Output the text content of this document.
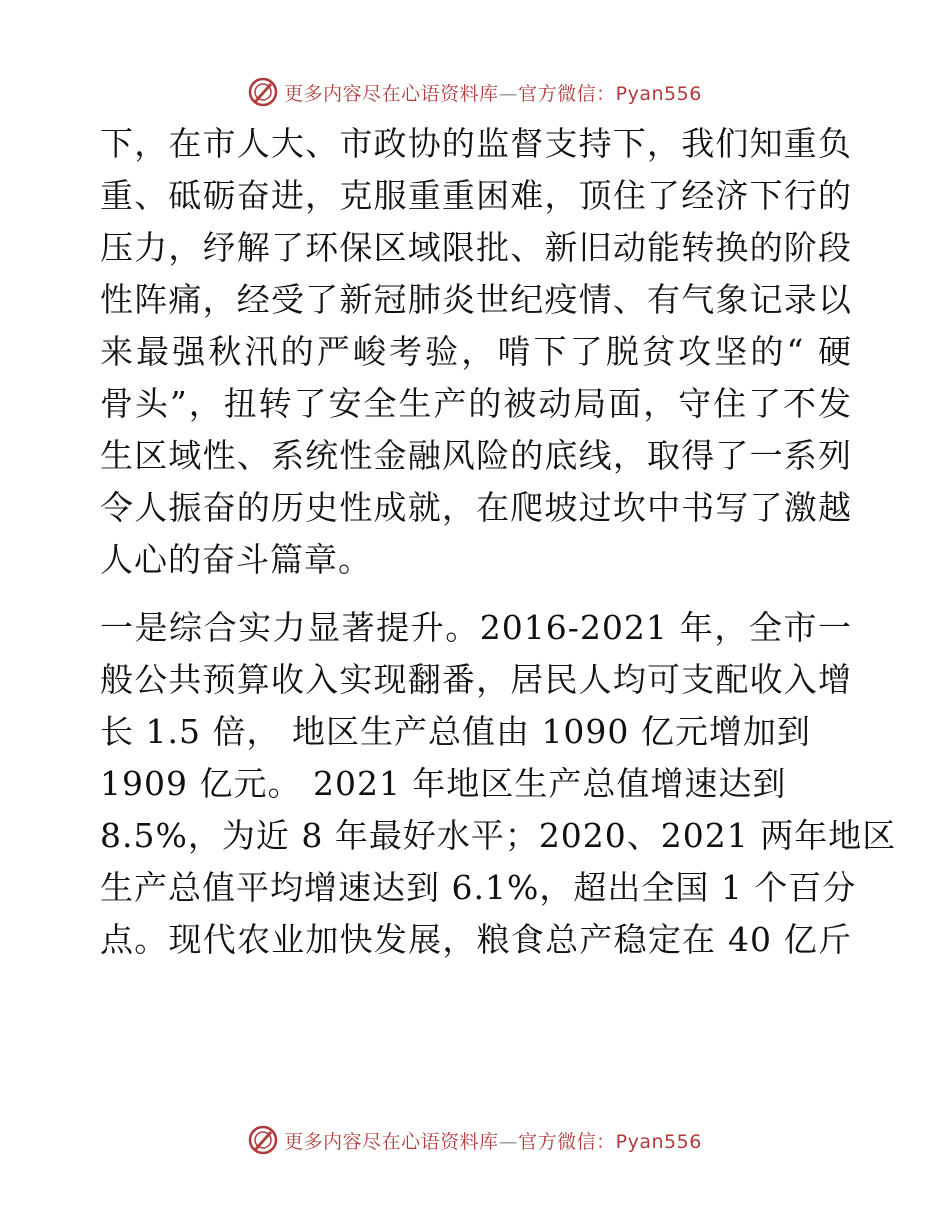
更多内容尽在心语资料库—官方微信：Pyan556
下，在市人大、市政协的监督支持下，我们知重负
重、砥砺奋进，克服重重困难，顶住了经济下行的
压力，纾解了环保区域限批、新旧动能转换的阶段
性阵痛，经受了新冠肺炎世纪疫情、有气象记录以
来最强秋汛的严峻考验，啃下了脱贫攻坚的“ 硬
骨头”，扭转了安全生产的被动局面，守住了不发
生区域性、系统性金融风险的底线，取得了一系列
令人振奋的历史性成就，在爬坡过坎中书写了激越
人心的奋斗篇章。
一是综合实力显著提升。2016-2021 年，全市一
般公共预算收入实现翻番，居民人均可支配收入增
长 1.5 倍， 地区生产总值由 1090 亿元增加到
1909 亿元。 2021 年地区生产总值增速达到
8.5%，为近 8 年最好水平；2020、2021 两年地区
生产总值平均增速达到 6.1%，超出全国 1 个百分
点。现代农业加快发展，粮食总产稳定在 40 亿斤
更多内容尽在心语资料库—官方微信：Pyan556
